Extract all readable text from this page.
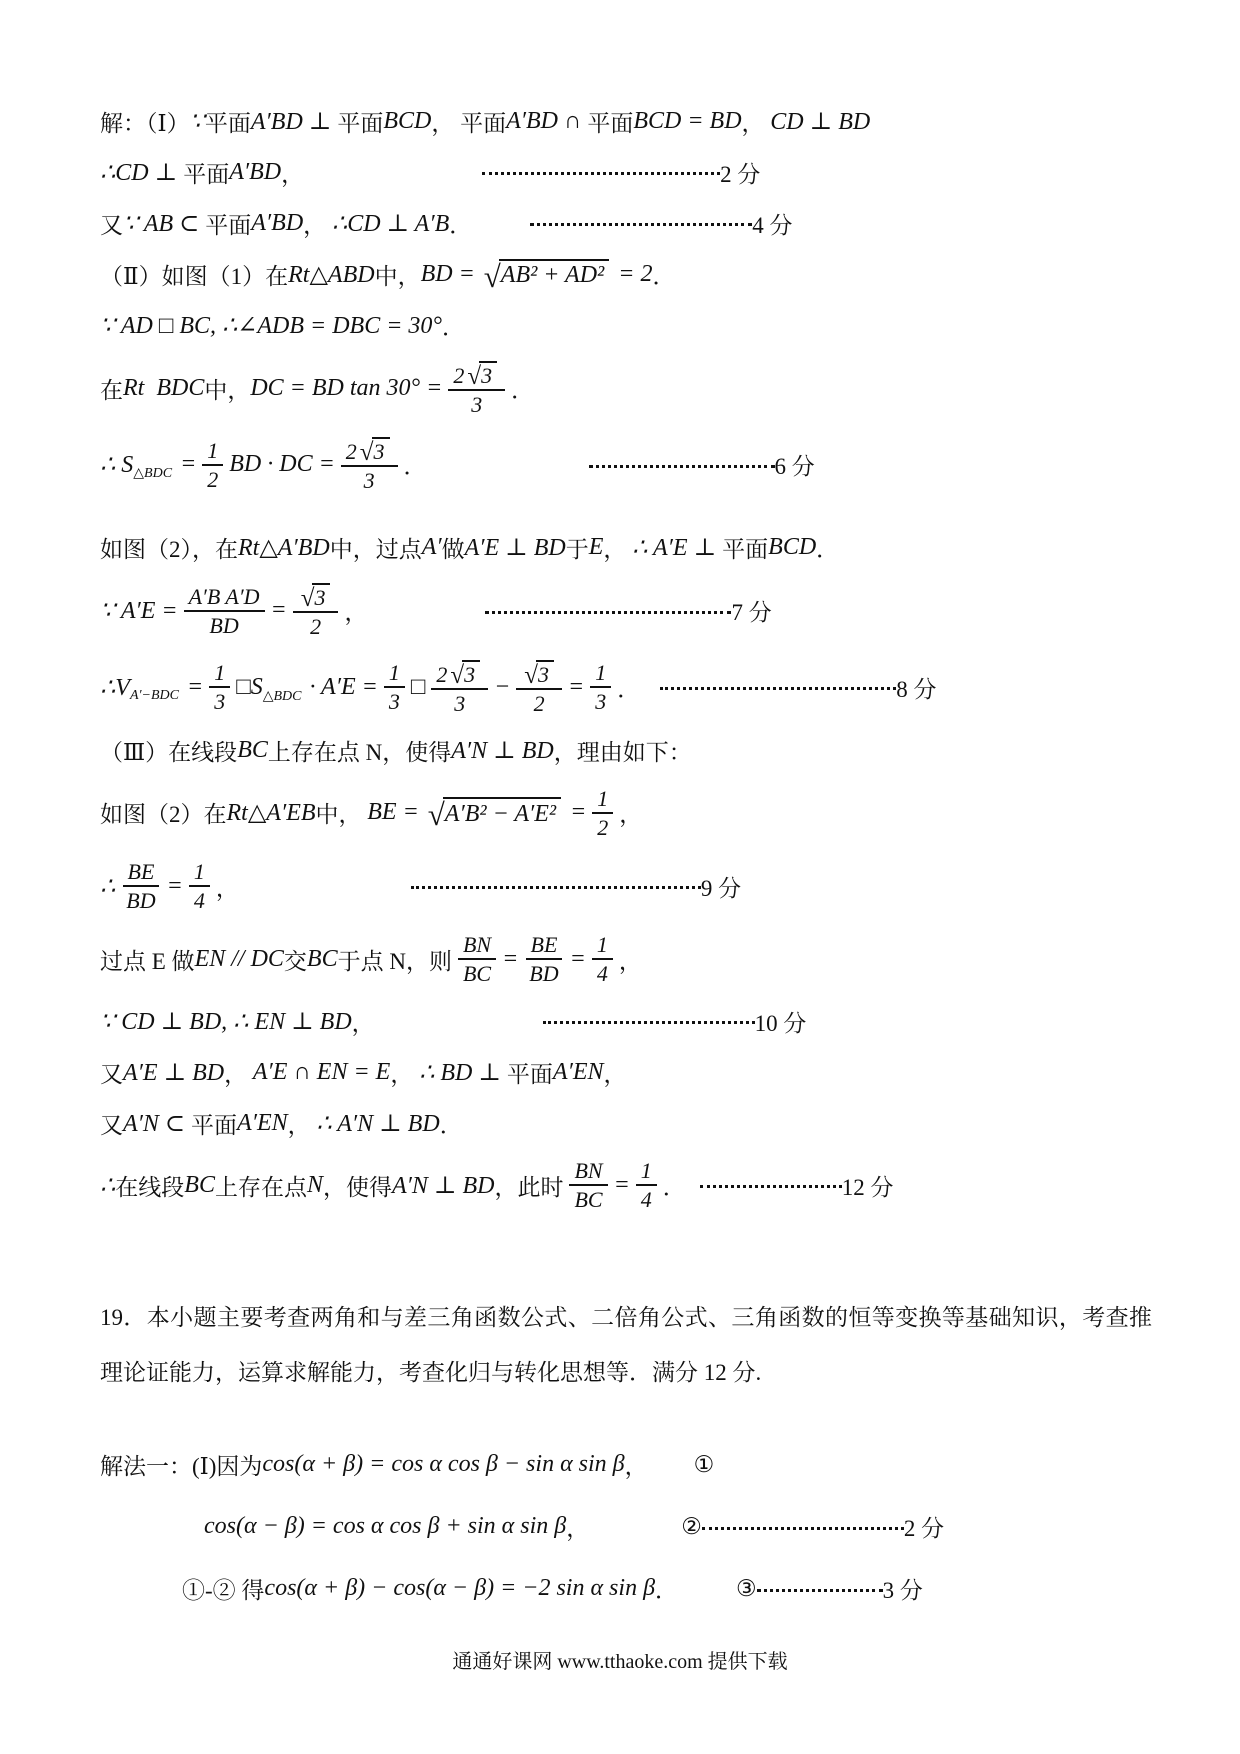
解：（Ⅰ） ∵ 平面 A′BD ⊥ 平面 BCD ， 平面 A′BD ∩ 平面 BCD = BD ， CD ⊥ BD
∴CD ⊥ 平面 A′BD ，	2 分
又 ∵ AB ⊂ 平面 A′BD ， ∴CD ⊥ A′B ．	4 分
（Ⅱ）如图（1）在 Rt△ABD 中， BD = √ AB² + AD² = 2 ．
∵ AD □ BC, ∴∠ADB = DBC = 30° ．
在 Rt  BDC 中， DC = BD $\tan 30^\circ = \frac{2 √ 3}{3}$ ．
∴ S △BDC = $\frac{1}{2}$ BD · DC = $\frac{2 √ 3}{3}$ ．	6 分
如图（2），在 Rt△A′BD 中，过点 A′ 做 A′E ⊥ BD 于 E ， ∴ A′E ⊥ 平面 BCD ．
∵ $A'E = \frac{\text{A′B A′D}}{BD} = \frac{√ 3}{2}$ ，	7 分
∴V $A'-BDC = \frac{1}{3}$ □S △BDC · $A'E = \frac{1}{3}$ □ $\frac{2 √ 3}{3} - \frac{√ 3}{2} = \frac{1}{3}$ ．	8 分
（Ⅲ）在线段 BC 上存在点 N，使得 A′N ⊥ BD ，理由如下：
如图（2）在 Rt△A′EB 中， BE = √ $A'B^2 - A'E^2 = \frac{1}{2}$ ，
∴ $\frac{BE}{BD} = \frac{1}{4}$ ，	9 分
过点 E 做 EN // DC 交 BC 于点 N，则 $\frac{BN}{BC} = \frac{BE}{BD} = \frac{1}{4}$ ，
∵ CD ⊥ BD, ∴ EN ⊥ BD ，	10 分
又 A′E ⊥ BD ， A′E ∩ EN = E ， ∴ BD ⊥ 平面 A′EN ，
又 A′N ⊂ 平面 A′EN ， ∴ A′N ⊥ BD ．
∴ 在线段 BC 上存在点 N ，使得 A′N ⊥ BD ，此时 $\frac{BN}{BC} = \frac{1}{4}$ ．	12 分
19．本小题主要考查两角和与差三角函数公式、二倍角公式、三角函数的恒等变换等基础知识，考查推理论证能力，运算求解能力，考查化归与转化思想等．满分 12 分.
解法一：(Ⅰ)因为 cos(α + β) = cos α cos β − sin α sin β ， ①
cos(α − β) = cos α cos β + sin α sin β ，	②	2 分
①-② 得 cos(α + β) − cos(α − β) = −2 sin α sin β ．	③	3 分
通通好课网 www.tthaoke.com 提供下载
